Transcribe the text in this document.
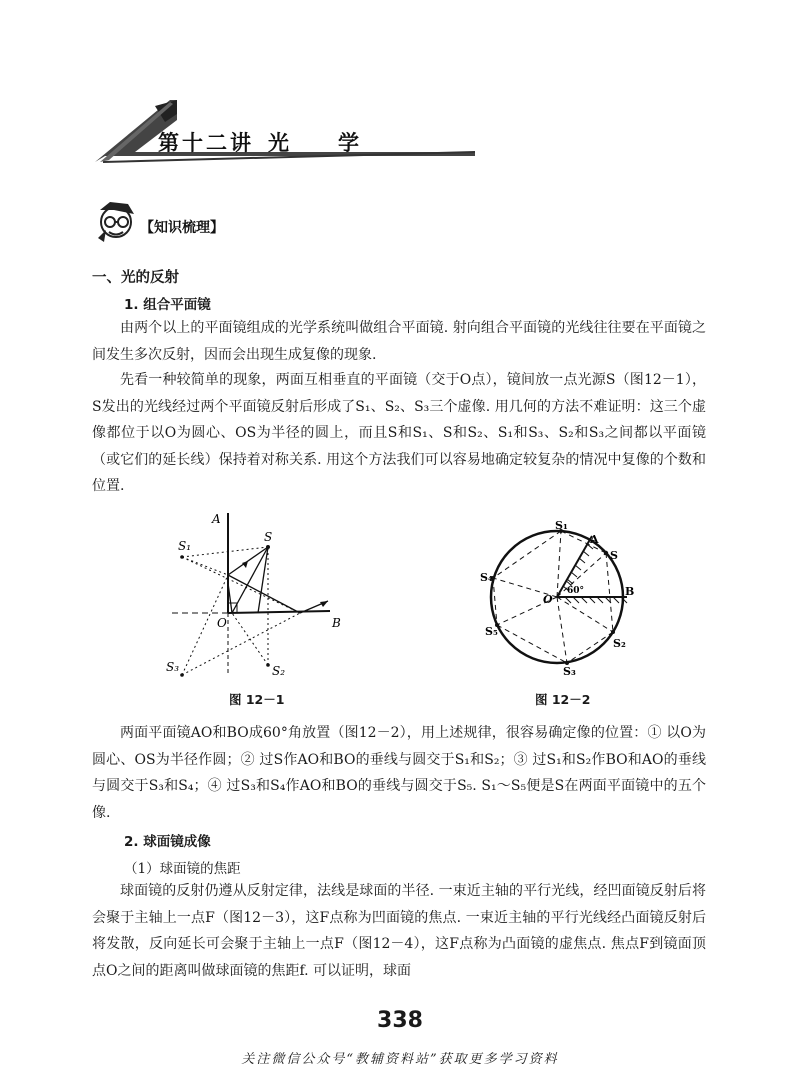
第十二讲 光 学
【知识梳理】
一、光的反射
1. 组合平面镜
由两个以上的平面镜组成的光学系统叫做组合平面镜. 射向组合平面镜的光线往往要在平面镜之间发生多次反射，因而会出现生成复像的现象.
先看一种较简单的现象，两面互相垂直的平面镜（交于O点），镜间放一点光源S（图12－1），S发出的光线经过两个平面镜反射后形成了S₁、S₂、S₃三个虚像. 用几何的方法不难证明：这三个虚像都位于以O为圆心、OS为半径的圆上，而且S和S₁、S和S₂、S₁和S₃、S₂和S₃之间都以平面镜（或它们的延长线）保持着对称关系. 用这个方法我们可以容易地确定较复杂的情况中复像的个数和位置.
A
B
O
S
S₁
S₂
S₃
图 12－1
S₁
A
S
S₄
O
60°	B
S₅
S₂
S₃
图 12－2
两面平面镜AO和BO成60°角放置（图12－2），用上述规律，很容易确定像的位置：① 以O为圆心、OS为半径作圆；② 过S作AO和BO的垂线与圆交于S₁和S₂；③ 过S₁和S₂作BO和AO的垂线与圆交于S₃和S₄；④ 过S₃和S₄作AO和BO的垂线与圆交于S₅. S₁～S₅便是S在两面平面镜中的五个像.
2. 球面镜成像
（1）球面镜的焦距
球面镜的反射仍遵从反射定律，法线是球面的半径. 一束近主轴的平行光线，经凹面镜反射后将会聚于主轴上一点F（图12－3），这F点称为凹面镜的焦点. 一束近主轴的平行光线经凸面镜反射后将发散，反向延长可会聚于主轴上一点F（图12－4），这F点称为凸面镜的虚焦点. 焦点F到镜面顶点O之间的距离叫做球面镜的焦距f. 可以证明，球面
338
关注微信公众号“教辅资料站”获取更多学习资料
